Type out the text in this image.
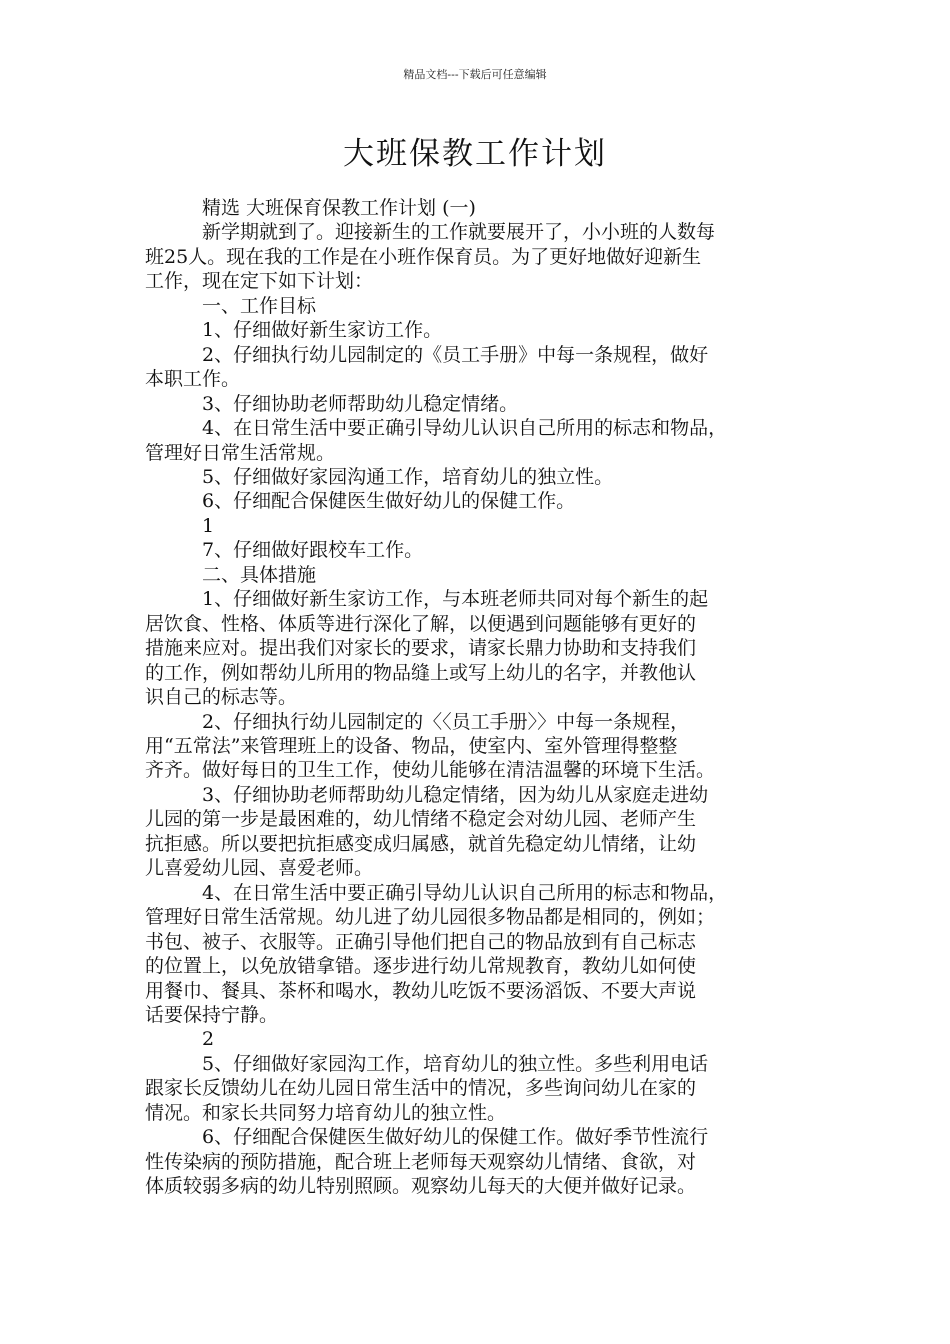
精品文档---下载后可任意编辑
大班保教工作计划

精选 大班保育保教工作计划 (一)

新学期就到了。迎接新生的工作就要展开了，小小班的人数每

班25人。现在我的工作是在小班作保育员。为了更好地做好迎新生

工作，现在定下如下计划：

一、工作目标

1、仔细做好新生家访工作。

2、仔细执行幼儿园制定的《员工手册》中每一条规程，做好

本职工作。

3、仔细协助老师帮助幼儿稳定情绪。

4、在日常生活中要正确引导幼儿认识自己所用的标志和物品，

管理好日常生活常规。

5、仔细做好家园沟通工作，培育幼儿的独立性。

6、仔细配合保健医生做好幼儿的保健工作。

1

7、仔细做好跟校车工作。

二、具体措施

1、仔细做好新生家访工作，与本班老师共同对每个新生的起

居饮食、性格、体质等进行深化了解，以便遇到问题能够有更好的

措施来应对。提出我们对家长的要求，请家长鼎力协助和支持我们

的工作，例如帮幼儿所用的物品缝上或写上幼儿的名字，并教他认

识自己的标志等。

2、仔细执行幼儿园制定的〈〈员工手册〉〉中每一条规程，

用“五常法”来管理班上的设备、物品，使室内、室外管理得整整

齐齐。做好每日的卫生工作，使幼儿能够在清洁温馨的环境下生活。

3、仔细协助老师帮助幼儿稳定情绪，因为幼儿从家庭走进幼

儿园的第一步是最困难的，幼儿情绪不稳定会对幼儿园、老师产生

抗拒感。所以要把抗拒感变成归属感，就首先稳定幼儿情绪，让幼

儿喜爱幼儿园、喜爱老师。

4、在日常生活中要正确引导幼儿认识自己所用的标志和物品，

管理好日常生活常规。幼儿进了幼儿园很多物品都是相同的，例如；

书包、被子、衣服等。正确引导他们把自己的物品放到有自己标志

的位置上，以免放错拿错。逐步进行幼儿常规教育，教幼儿如何使

用餐巾、餐具、茶杯和喝水，教幼儿吃饭不要汤滔饭、不要大声说

话要保持宁静。

2

5、仔细做好家园沟工作，培育幼儿的独立性。多些利用电话

跟家长反馈幼儿在幼儿园日常生活中的情况，多些询问幼儿在家的

情况。和家长共同努力培育幼儿的独立性。

6、仔细配合保健医生做好幼儿的保健工作。做好季节性流行

性传染病的预防措施，配合班上老师每天观察幼儿情绪、食欲，对

体质较弱多病的幼儿特别照顾。观察幼儿每天的大便并做好记录。
